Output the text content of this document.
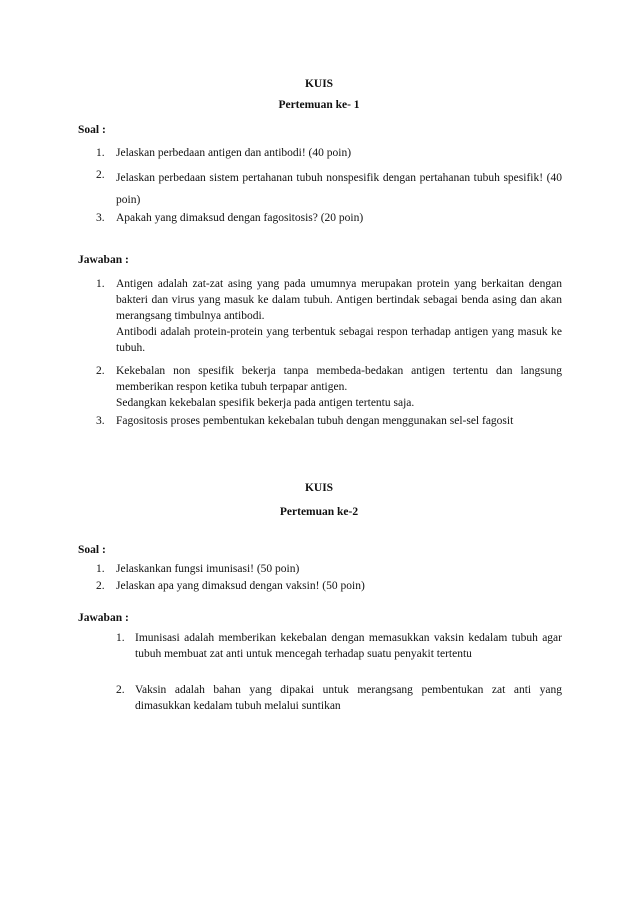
KUIS
Pertemuan ke- 1
Soal :
1. Jelaskan perbedaan antigen dan antibodi! (40 poin)
2. Jelaskan perbedaan sistem pertahanan tubuh nonspesifik dengan pertahanan tubuh spesifik! (40 poin)
3. Apakah yang dimaksud dengan fagositosis? (20 poin)
Jawaban :
1. Antigen adalah zat-zat asing yang pada umumnya merupakan protein yang berkaitan dengan bakteri dan virus yang masuk ke dalam tubuh. Antigen bertindak sebagai benda asing dan akan merangsang timbulnya antibodi.
Antibodi adalah protein-protein yang terbentuk sebagai respon terhadap antigen yang masuk ke tubuh.
2. Kekebalan non spesifik bekerja tanpa membeda-bedakan antigen tertentu dan langsung memberikan respon ketika tubuh terpapar antigen.
Sedangkan kekebalan spesifik bekerja pada antigen tertentu saja.
3. Fagositosis proses pembentukan kekebalan tubuh dengan menggunakan sel-sel fagosit
KUIS
Pertemuan ke-2
Soal :
1. Jelaskankan fungsi imunisasi! (50 poin)
2. Jelaskan apa yang dimaksud dengan vaksin! (50 poin)
Jawaban :
1. Imunisasi adalah memberikan kekebalan dengan memasukkan vaksin kedalam tubuh agar tubuh membuat zat anti untuk mencegah terhadap suatu penyakit tertentu
2. Vaksin adalah bahan yang dipakai untuk merangsang pembentukan zat anti yang dimasukkan kedalam tubuh melalui suntikan
